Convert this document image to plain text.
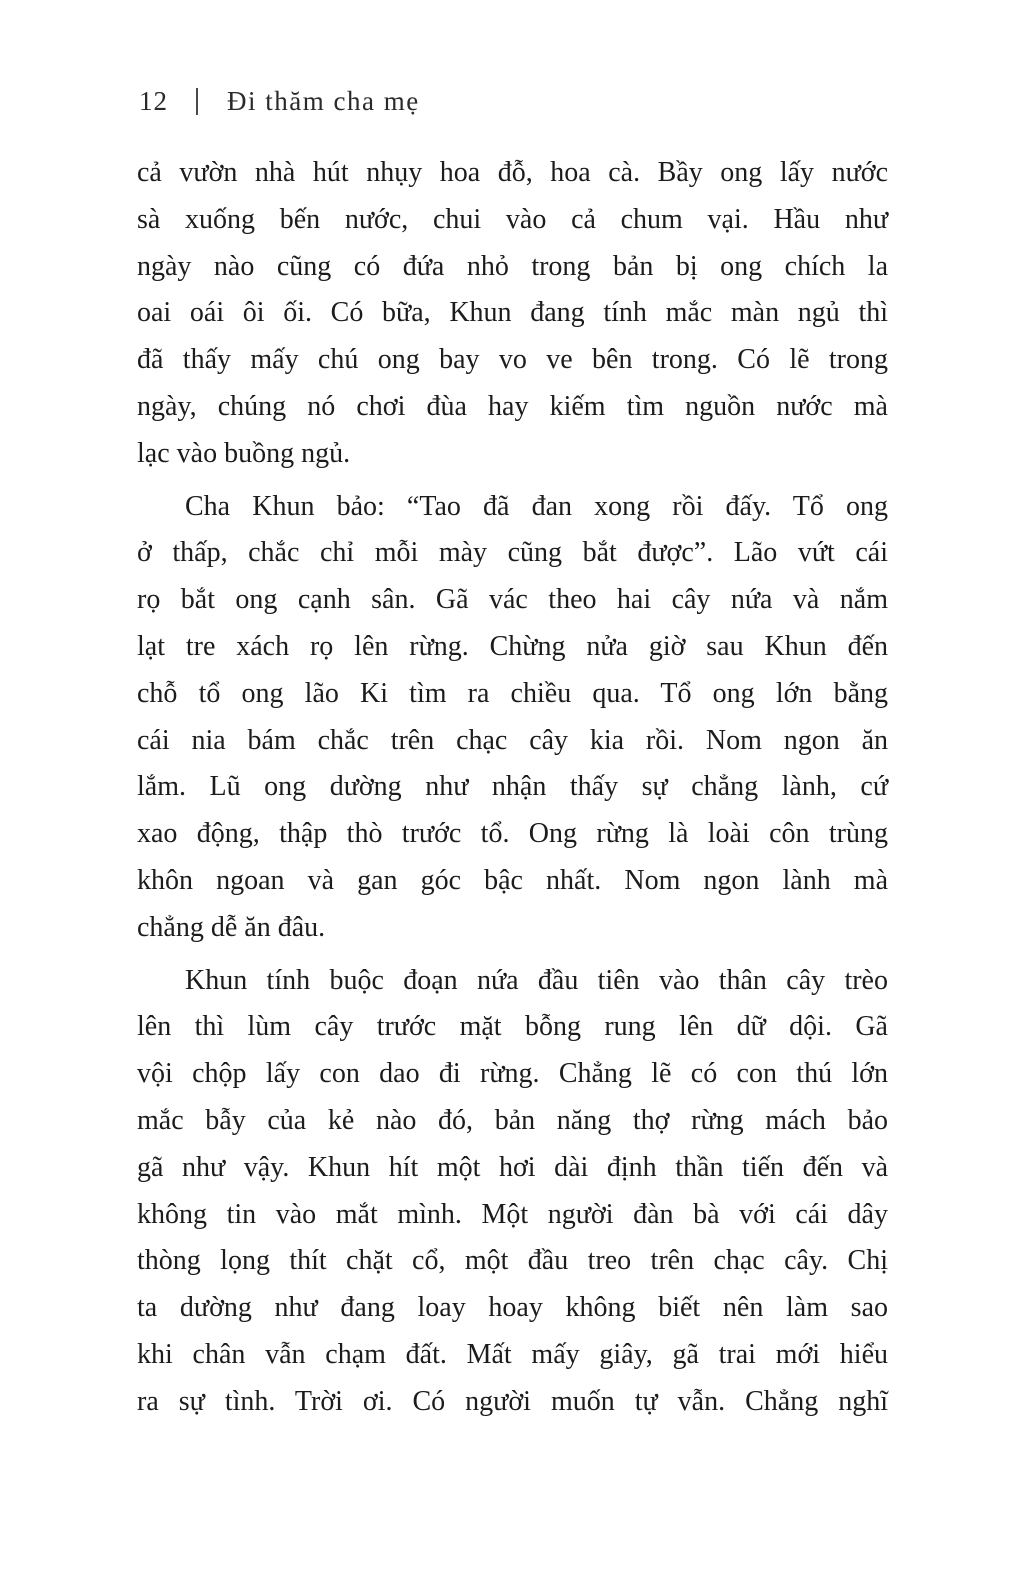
12 Đi thăm cha mẹ
cả vườn nhà hút nhụy hoa đỗ, hoa cà. Bầy ong lấy nước
sà xuống bến nước, chui vào cả chum vại. Hầu như
ngày nào cũng có đứa nhỏ trong bản bị ong chích la
oai oái ôi ối. Có bữa, Khun đang tính mắc màn ngủ thì
đã thấy mấy chú ong bay vo ve bên trong. Có lẽ trong
ngày, chúng nó chơi đùa hay kiếm tìm nguồn nước mà
lạc vào buồng ngủ.
Cha Khun bảo: “Tao đã đan xong rồi đấy. Tổ ong
ở thấp, chắc chỉ mỗi mày cũng bắt được”. Lão vứt cái
rọ bắt ong cạnh sân. Gã vác theo hai cây nứa và nắm
lạt tre xách rọ lên rừng. Chừng nửa giờ sau Khun đến
chỗ tổ ong lão Ki tìm ra chiều qua. Tổ ong lớn bằng
cái nia bám chắc trên chạc cây kia rồi. Nom ngon ăn
lắm. Lũ ong dường như nhận thấy sự chẳng lành, cứ
xao động, thập thò trước tổ. Ong rừng là loài côn trùng
khôn ngoan và gan góc bậc nhất. Nom ngon lành mà
chẳng dễ ăn đâu.
Khun tính buộc đoạn nứa đầu tiên vào thân cây trèo
lên thì lùm cây trước mặt bỗng rung lên dữ dội. Gã
vội chộp lấy con dao đi rừng. Chẳng lẽ có con thú lớn
mắc bẫy của kẻ nào đó, bản năng thợ rừng mách bảo
gã như vậy. Khun hít một hơi dài định thần tiến đến và
không tin vào mắt mình. Một người đàn bà với cái dây
thòng lọng thít chặt cổ, một đầu treo trên chạc cây. Chị
ta dường như đang loay hoay không biết nên làm sao
khi chân vẫn chạm đất. Mất mấy giây, gã trai mới hiểu
ra sự tình. Trời ơi. Có người muốn tự vẫn. Chẳng nghĩ
